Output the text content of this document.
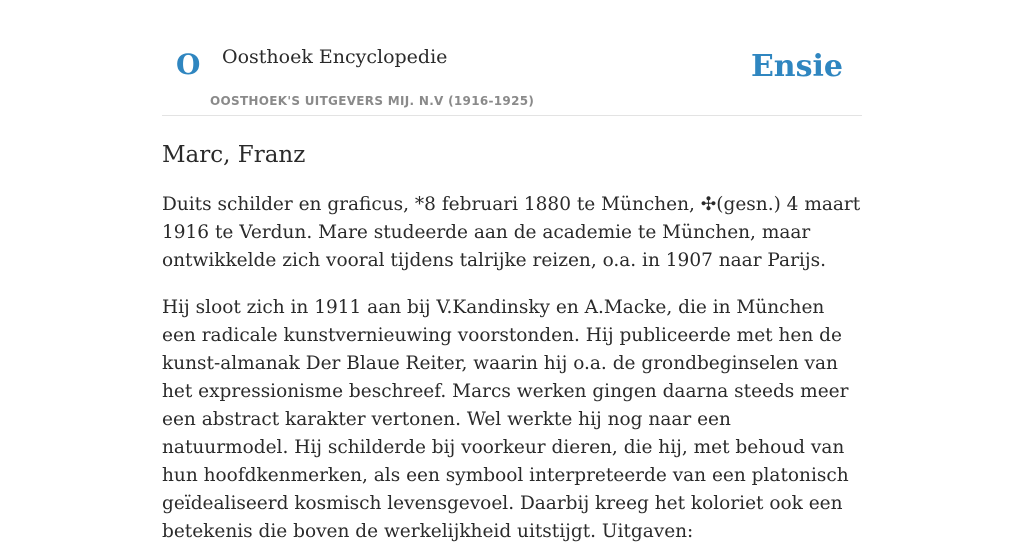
O Oosthoek Encyclopedie
OOSTHOEK'S UITGEVERS MIJ. N.V (1916-1925)
Ensie
Marc, Franz

Duits schilder en graficus, *8 februari 1880 te München, ✣(gesn.) 4 maart 1916 te Verdun. Mare studeerde aan de academie te München, maar ontwikkelde zich vooral tijdens talrijke reizen, o.a. in 1907 naar Parijs.

Hij sloot zich in 1911 aan bij V.Kandinsky en A.Macke, die in München een radicale kunstvernieuwing voorstonden. Hij publiceerde met hen de kunst-almanak Der Blaue Reiter, waarin hij o.a. de grondbeginselen van het expressionisme beschreef. Marcs werken gingen daarna steeds meer een abstract karakter vertonen. Wel werkte hij nog naar een natuurmodel. Hij schilderde bij voorkeur dieren, die hij, met behoud van hun hoofdkenmerken, als een symbool interpreteerde van een platonisch geïdealiseerd kosmisch levensgevoel. Daarbij kreeg het koloriet ook een betekenis die boven de werkelijkheid uitstijgt. Uitgaven:
